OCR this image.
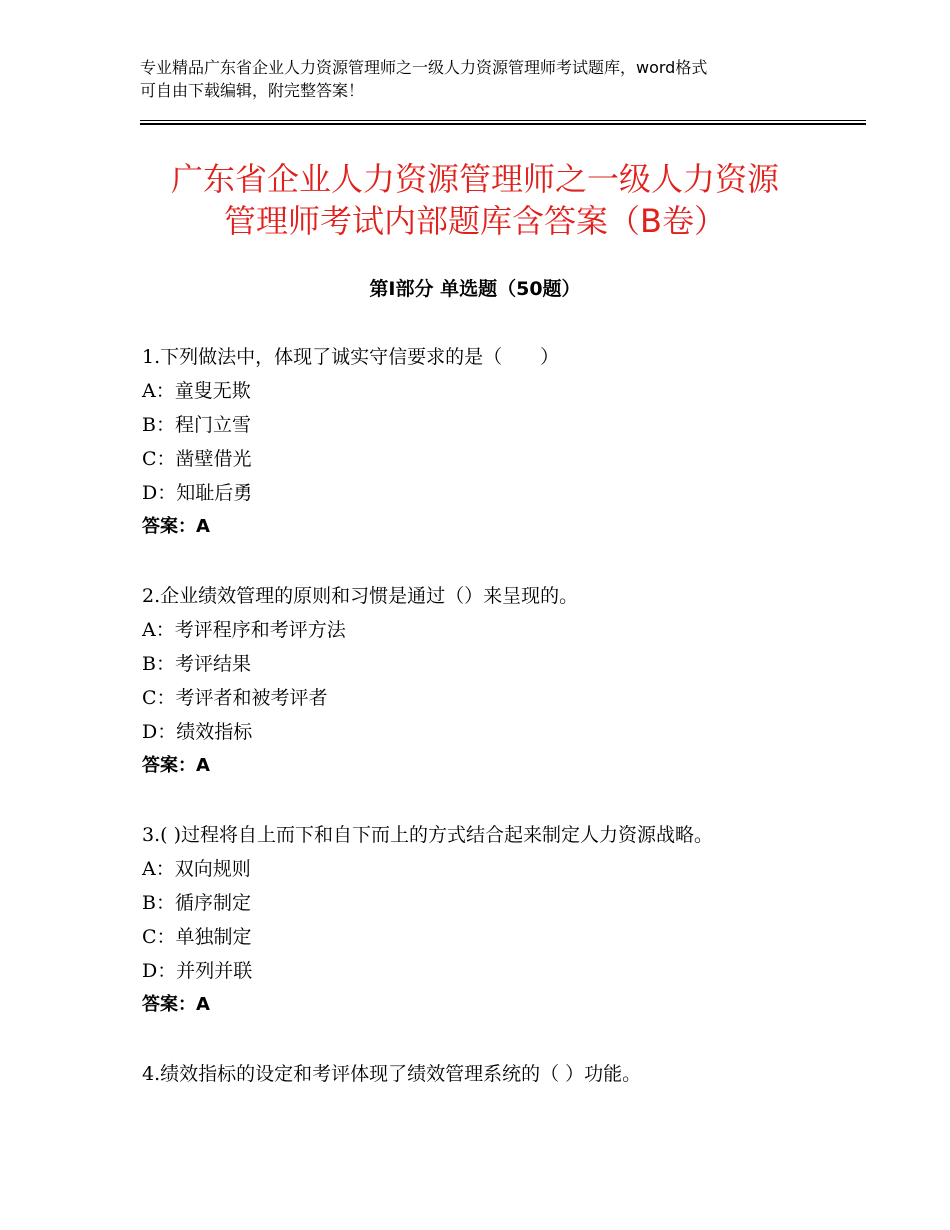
专业精品广东省企业人力资源管理师之一级人力资源管理师考试题库，word格式
可自由下载编辑，附完整答案！
广东省企业人力资源管理师之一级人力资源
管理师考试内部题库含答案（B卷）
第Ⅰ部分 单选题（50题）
1.下列做法中，体现了诚实守信要求的是（　　）
A：童叟无欺
B：程门立雪
C：凿壁借光
D：知耻后勇
答案：A
2.企业绩效管理的原则和习惯是通过（）来呈现的。
A：考评程序和考评方法
B：考评结果
C：考评者和被考评者
D：绩效指标
答案：A
3.( )过程将自上而下和自下而上的方式结合起来制定人力资源战略。
A：双向规则
B：循序制定
C：单独制定
D：并列并联
答案：A
4.绩效指标的设定和考评体现了绩效管理系统的（ ）功能。
